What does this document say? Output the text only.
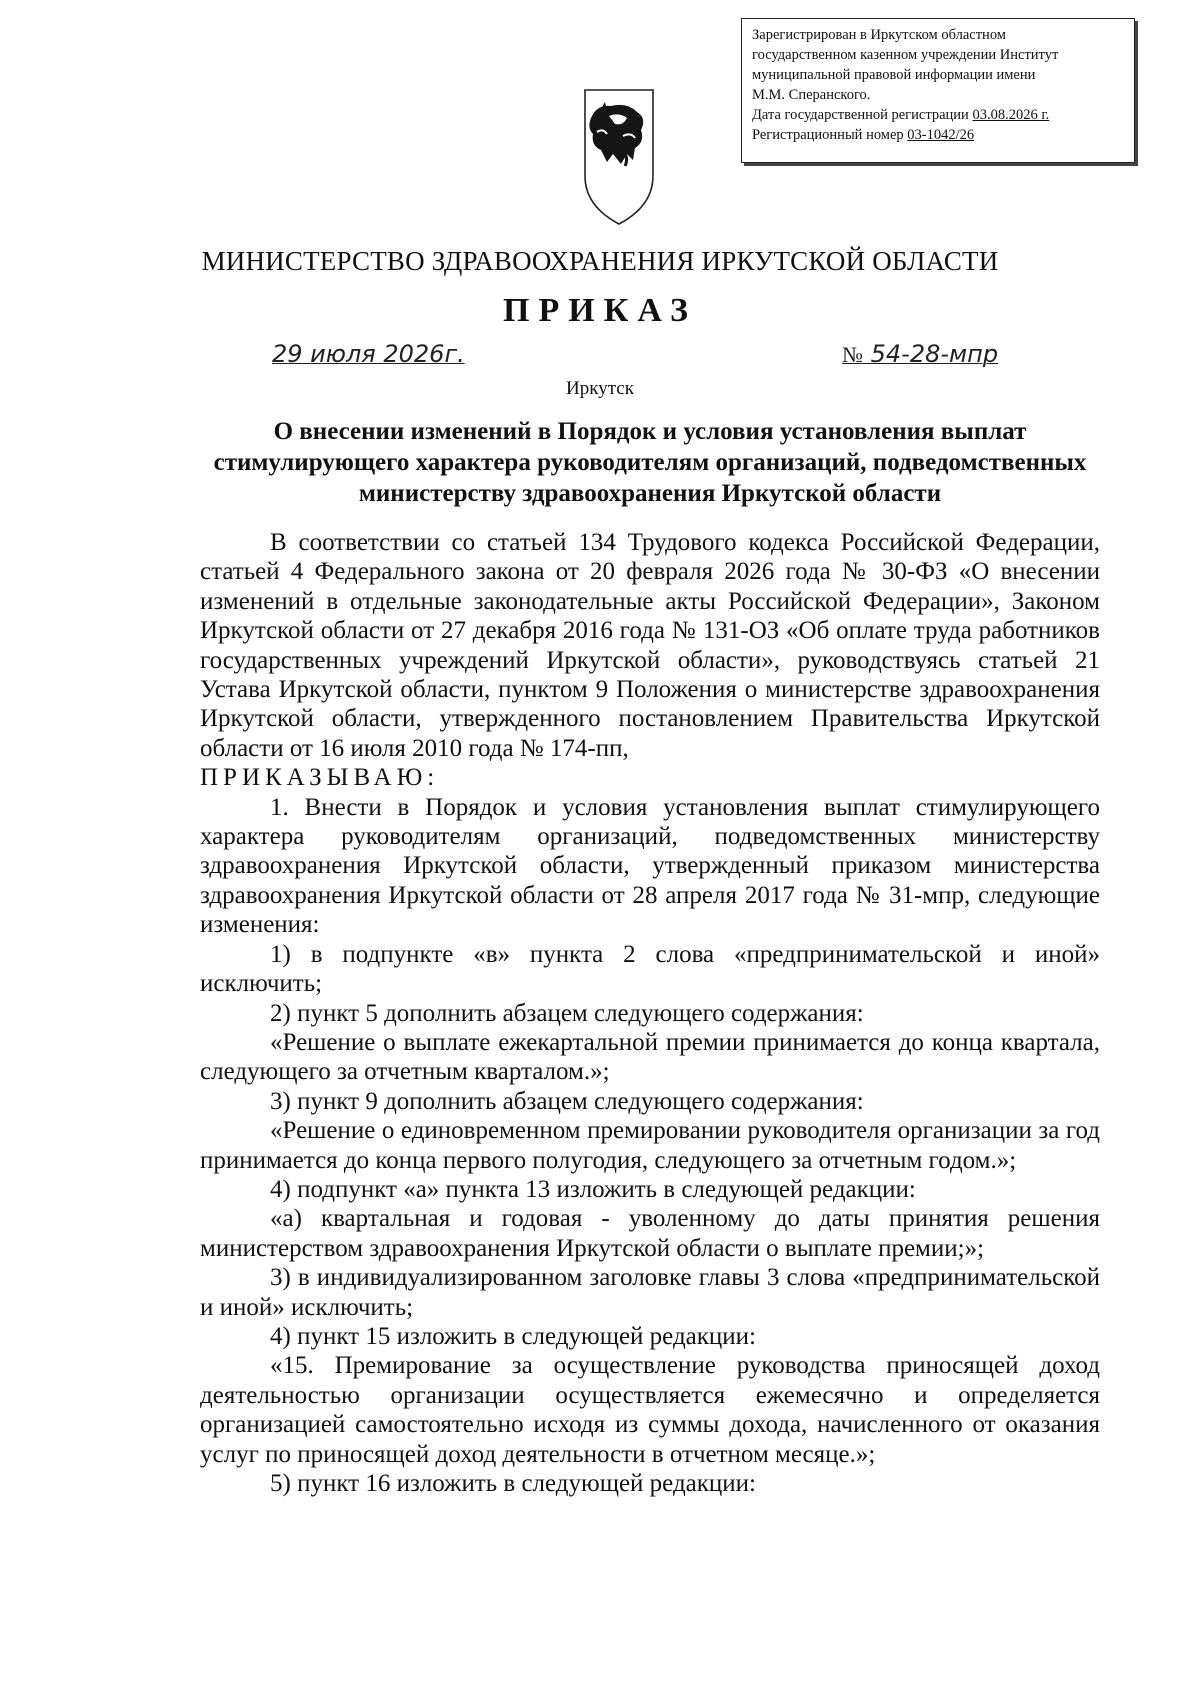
Зарегистрирован в Иркутском областном

государственном казенном учреждении Институт

муниципальной правовой информации имени

М.М. Сперанского.

Дата государственной регистрации 03.08.2026 г.

Регистрационный номер 03-1042/26

МИНИСТЕРСТВО ЗДРАВООХРАНЕНИЯ ИРКУТСКОЙ ОБЛАСТИ
ПРИКАЗ
29 июля 2026г.	№ 54-28-мпр
Иркутск
О внесении изменений в Порядок и условия установления выплат стимулирующего характера руководителям организаций, подведомственных министерству здравоохранения Иркутской области

В соответствии со статьей 134 Трудового кодекса Российской Федерации, статьей 4 Федерального закона от 20 февраля 2026 года № 30-ФЗ «О внесении изменений в отдельные законодательные акты Российской Федерации», Законом Иркутской области от 27 декабря 2016 года № 131-ОЗ «Об оплате труда работников государственных учреждений Иркутской области», руководствуясь статьей 21 Устава Иркутской области, пунктом 9 Положения о министерстве здравоохранения Иркутской области, утвержденного постановлением Правительства Иркутской области от 16 июля 2010 года № 174-пп,

ПРИКАЗЫВАЮ:

1. Внести в Порядок и условия установления выплат стимулирующего характера руководителям организаций, подведомственных министерству здравоохранения Иркутской области, утвержденный приказом министерства здравоохранения Иркутской области от 28 апреля 2017 года № 31-мпр, следующие изменения:

1) в подпункте «в» пункта 2 слова «предпринимательской и иной» исключить;

2) пункт 5 дополнить абзацем следующего содержания:

«Решение о выплате ежекартальной премии принимается до конца квартала, следующего за отчетным кварталом.»;

3) пункт 9 дополнить абзацем следующего содержания:

«Решение о единовременном премировании руководителя организации за год принимается до конца первого полугодия, следующего за отчетным годом.»;

4) подпункт «а» пункта 13 изложить в следующей редакции:

«а) квартальная и годовая - уволенному до даты принятия решения министерством здравоохранения Иркутской области о выплате премии;»;

3) в индивидуализированном заголовке главы 3 слова «предпринимательской и иной» исключить;

4) пункт 15 изложить в следующей редакции:

«15. Премирование за осуществление руководства приносящей доход деятельностью организации осуществляется ежемесячно и определяется организацией самостоятельно исходя из суммы дохода, начисленного от оказания услуг по приносящей доход деятельности в отчетном месяце.»;

5) пункт 16 изложить в следующей редакции:
